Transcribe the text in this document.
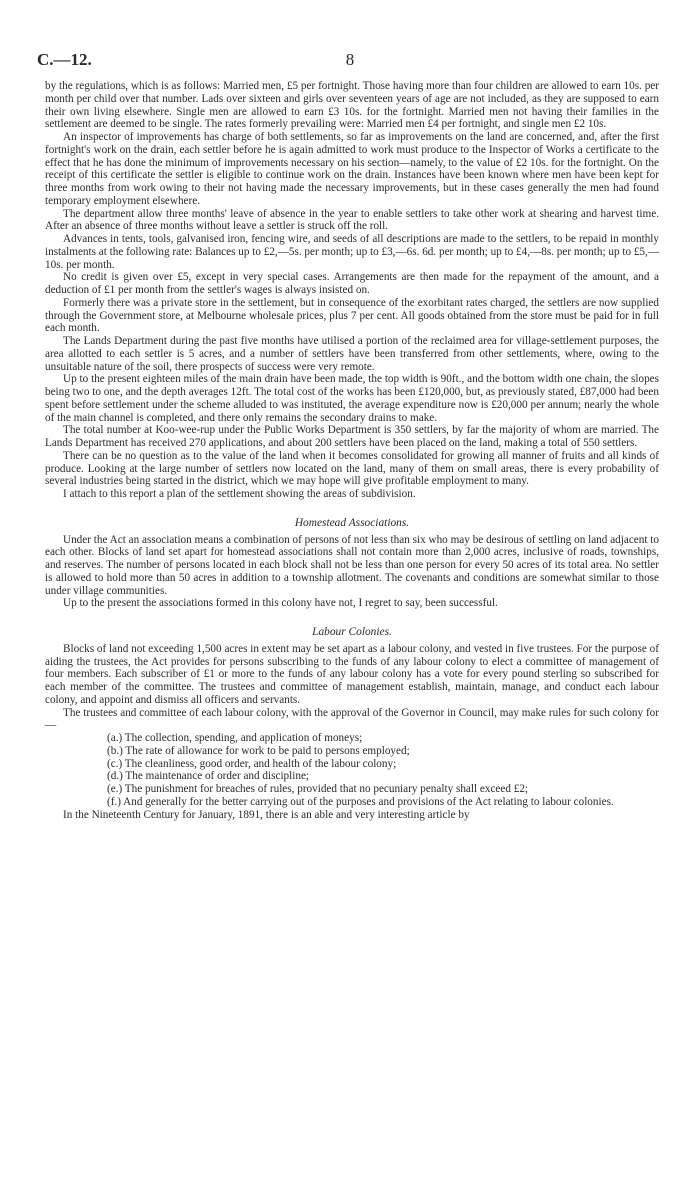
C.—12.	8

by the regulations, which is as follows: Married men, £5 per fortnight. Those having more than four children are allowed to earn 10s. per month per child over that number. Lads over sixteen and girls over seventeen years of age are not included, as they are supposed to earn their own living elsewhere. Single men are allowed to earn £3 10s. for the fortnight. Married men not having their families in the settlement are deemed to be single. The rates formerly prevailing were: Married men £4 per fortnight, and single men £2 10s.

An inspector of improvements has charge of both settlements, so far as improvements on the land are concerned, and, after the first fortnight's work on the drain, each settler before he is again admitted to work must produce to the Inspector of Works a certificate to the effect that he has done the minimum of improvements necessary on his section—namely, to the value of £2 10s. for the fortnight. On the receipt of this certificate the settler is eligible to continue work on the drain. Instances have been known where men have been kept for three months from work owing to their not having made the necessary improvements, but in these cases generally the men had found temporary employment elsewhere.

The department allow three months' leave of absence in the year to enable settlers to take other work at shearing and harvest time. After an absence of three months without leave a settler is struck off the roll.

Advances in tents, tools, galvanised iron, fencing wire, and seeds of all descriptions are made to the settlers, to be repaid in monthly instalments at the following rate: Balances up to £2,—5s. per month; up to £3,—6s. 6d. per month; up to £4,—8s. per month; up to £5,—10s. per month.

No credit is given over £5, except in very special cases. Arrangements are then made for the repayment of the amount, and a deduction of £1 per month from the settler's wages is always insisted on.

Formerly there was a private store in the settlement, but in consequence of the exorbitant rates charged, the settlers are now supplied through the Government store, at Melbourne wholesale prices, plus 7 per cent. All goods obtained from the store must be paid for in full each month.

The Lands Department during the past five months have utilised a portion of the reclaimed area for village-settlement purposes, the area allotted to each settler is 5 acres, and a number of settlers have been transferred from other settlements, where, owing to the unsuitable nature of the soil, there prospects of success were very remote.

Up to the present eighteen miles of the main drain have been made, the top width is 90ft., and the bottom width one chain, the slopes being two to one, and the depth averages 12ft. The total cost of the works has been £120,000, but, as previously stated, £87,000 had been spent before settlement under the scheme alluded to was instituted, the average expenditure now is £20,000 per annum; nearly the whole of the main channel is completed, and there only remains the secondary drains to make.

The total number at Koo-wee-rup under the Public Works Department is 350 settlers, by far the majority of whom are married. The Lands Department has received 270 applications, and about 200 settlers have been placed on the land, making a total of 550 settlers.

There can be no question as to the value of the land when it becomes consolidated for growing all manner of fruits and all kinds of produce. Looking at the large number of settlers now located on the land, many of them on small areas, there is every probability of several industries being started in the district, which we may hope will give profitable employment to many.

I attach to this report a plan of the settlement showing the areas of subdivision.

Homestead Associations.

Under the Act an association means a combination of persons of not less than six who may be desirous of settling on land adjacent to each other. Blocks of land set apart for homestead associations shall not contain more than 2,000 acres, inclusive of roads, townships, and reserves. The number of persons located in each block shall not be less than one person for every 50 acres of its total area. No settler is allowed to hold more than 50 acres in addition to a township allotment. The covenants and conditions are somewhat similar to those under village communities.

Up to the present the associations formed in this colony have not, I regret to say, been successful.

Labour Colonies.

Blocks of land not exceeding 1,500 acres in extent may be set apart as a labour colony, and vested in five trustees. For the purpose of aiding the trustees, the Act provides for persons subscribing to the funds of any labour colony to elect a committee of management of four members. Each subscriber of £1 or more to the funds of any labour colony has a vote for every pound sterling so subscribed for each member of the committee. The trustees and committee of management establish, maintain, manage, and conduct each labour colony, and appoint and dismiss all officers and servants.

The trustees and committee of each labour colony, with the approval of the Governor in Council, may make rules for such colony for—

(a.) The collection, spending, and application of moneys;
(b.) The rate of allowance for work to be paid to persons employed;
(c.) The cleanliness, good order, and health of the labour colony;
(d.) The maintenance of order and discipline;
(e.) The punishment for breaches of rules, provided that no pecuniary penalty shall exceed £2;
(f.) And generally for the better carrying out of the purposes and provisions of the Act relating to labour colonies.

In the Nineteenth Century for January, 1891, there is an able and very interesting article by
